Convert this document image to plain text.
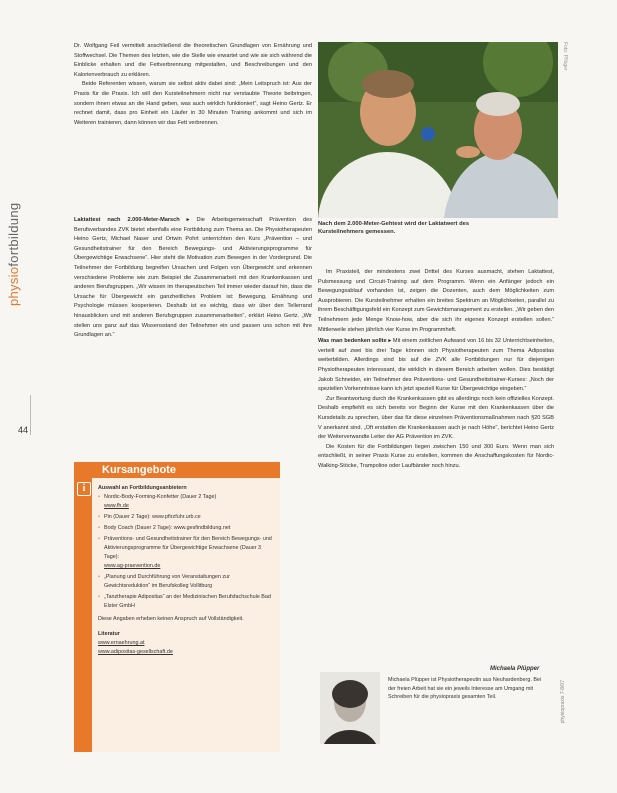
physiofortbildung
44

Dr. Wolfgang Feil vermittelt anschließend die theoretischen Grundlagen von Ernährung und Stoffwechsel. Die Themen des letzten, wie die Stelle wie erwartet und wie sie sich während die Einblicke erhalten und die Fettverbrennung mitgestalten, und Beschreibungen und den Kalorienverbrauch zu erklären.

Beide Referenten wissen, warum sie selbst aktiv dabei sind: „Mein Leitspruch ist: Aus der Praxis für die Praxis. Ich will den Kursteilnehmern nicht nur verstaubte Theorie beibringen, sondern ihnen etwas an die Hand geben, was auch wirklich funktioniert“, sagt Heino Gertz. Er rechnet damit, dass pro Einheit ein Läufer in 30 Minuten Training ankommt und sich im Weiteren trainieren, dann können wir das Fett verbrennen.

Laktattest nach 2.000-Meter-Marsch ▸ Die Arbeitsgemeinschaft Prävention des Berufsverbandes ZVK bietet ebenfalls eine Fortbildung zum Thema an. Die Physiotherapeuten Heino Gertz, Michael Naser und Ortwin Pohrt unterrichten den Kurs „Prävention – und Gesundheitstrainer für den Bereich Bewegungs- und Aktivierungsprogramme für Übergewichtige Erwachsene“. Hier steht die Motivation zum Bewegen in der Vordergrund. Die Teilnehmer der Fortbildung begreifen Ursachen und Folgen von Übergewicht und erkennen verschiedene Probleme wie zum Beispiel die Zusammenarbeit mit den Krankenkassen und anderen Berufsgruppen. „Wir wissen im therapeutischen Teil immer wieder darauf hin, dass die Ursache für Übergewicht ein ganzheitliches Problem ist: Bewegung, Ernährung und Psychologie müssen kooperieren. Deshalb ist es wichtig, dass wir über den Tellerrand hinausblicken und mit anderen Berufsgruppen zusammenarbeiten“, erklärt Heino Gertz. „Wir stellen uns ganz auf das Wissensstand der Teilnehmer ein und passen uns schon mit ihre Grundlagen an.“

Foto: Pflüger
Nach dem 2.000-Meter-Gehtest wird der Laktatwert des Kursteilnehmers gemessen.

Im Praxisteil, der mindestens zwei Drittel des Kurses ausmacht, stehen Laktattest, Pulsmessung und Circuit-Training auf dem Programm. Wenn ein Anfänger jedoch ein Bewegungsablauf vorhanden ist, zeigen die Dozenten, auch dem Möglichkeiten zum Ausprobieren. Die Kursteilnehmer erhalten ein breites Spektrum an Möglichkeiten, parallel zu ihrem Beschäftigungsfeld ein Konzept zum Gewichtsmanagement zu erstellen. „Wir geben den Teilnehmern jede Menge Know-how, aber die sich ihr eigenes Konzept erstellen sollen.“ Mittlerweile stehen jährlich vier Kurse im Programmheft.

Was man bedenken sollte ▸ Mit einem zeitlichen Aufwand von 16 bis 32 Unterrichtseinheiten, verteilt auf zwei bis drei Tage können sich Physiotherapeuten zum Thema Adipositas weiterbilden. Allerdings sind bis auf die ZVK alle Fortbildungen nur für diejenigen Physiotherapeuten interessant, die wirklich in diesem Bereich arbeiten wollen. Dies bestätigt Jakob Schneider, ein Teilnehmer des Präventions- und Gesundheitstrainer-Kurses: „Noch der speziellen Vorkenntnisse kann ich jetzt speziell Kurse für Übergewichtige eingeben.“

Zur Beantwortung durch die Krankenkassen gibt es allerdings noch kein offizielles Konzept. Deshalb empfiehlt es sich bereits vor Beginn der Kurse mit den Krankenkassen über die Kursdetails zu sprechen, über das für diese einzelnen Präventionsmaßnahmen nach §20 SGB V anerkannt sind. „Oft erstatten die Krankenkassen auch je nach Höhe“, berichtet Heino Gertz der Weiterverwandte Leiter der AG Prävention im ZVK.

Die Kosten für die Fortbildungen liegen zwischen 150 und 300 Euro. Wenn man sich entschließt, in seiner Praxis Kurse zu erstellen, kommen die Anschaffungskosten für Nordic-Walking-Stöcke, Trampoline oder Laufbänder noch hinzu.

Michaela Plüpper
Michaela Plüpper ist Physiotherapeutin aus Neuhardenberg. Bei der freien Arbeit hat sie ein jeweils Interesse am Umgang mit Schreiben für die physiopraxis gesamten Teil.	physiopraxis 7-8/07
Kursangebote
i	Auswahl an Fortbildungsanbietern
• Nordic-Body-Forming-Konfetter (Dauer 2 Tage)
www.fh.de
• Pin (Dauer 2 Tage): www.pfirzfuhr.urb.ce
• Body Coach (Dauer 2 Tage): www.gesfindbildung.net
• Präventions- und Gesundheitstrainer für den Bereich Bewegungs- und Aktivierungsprogramme für Übergewichtige Erwachsene (Dauer 3 Tage):
www.ag-praevention.de
• „Planung und Durchführung von Veranstaltungen zur Gewichtsreduktion“ im Berufskolleg Vollitburg
• „Tanztherapie Adipositas“ an der Medizinischen Berufsfachschule Bad Elster GmbH
Diese Angaben erheben keinen Anspruch auf Vollständigkeit.
Literatur
www.ernaehrung.at
www.adipositas-gesellschaft.de
